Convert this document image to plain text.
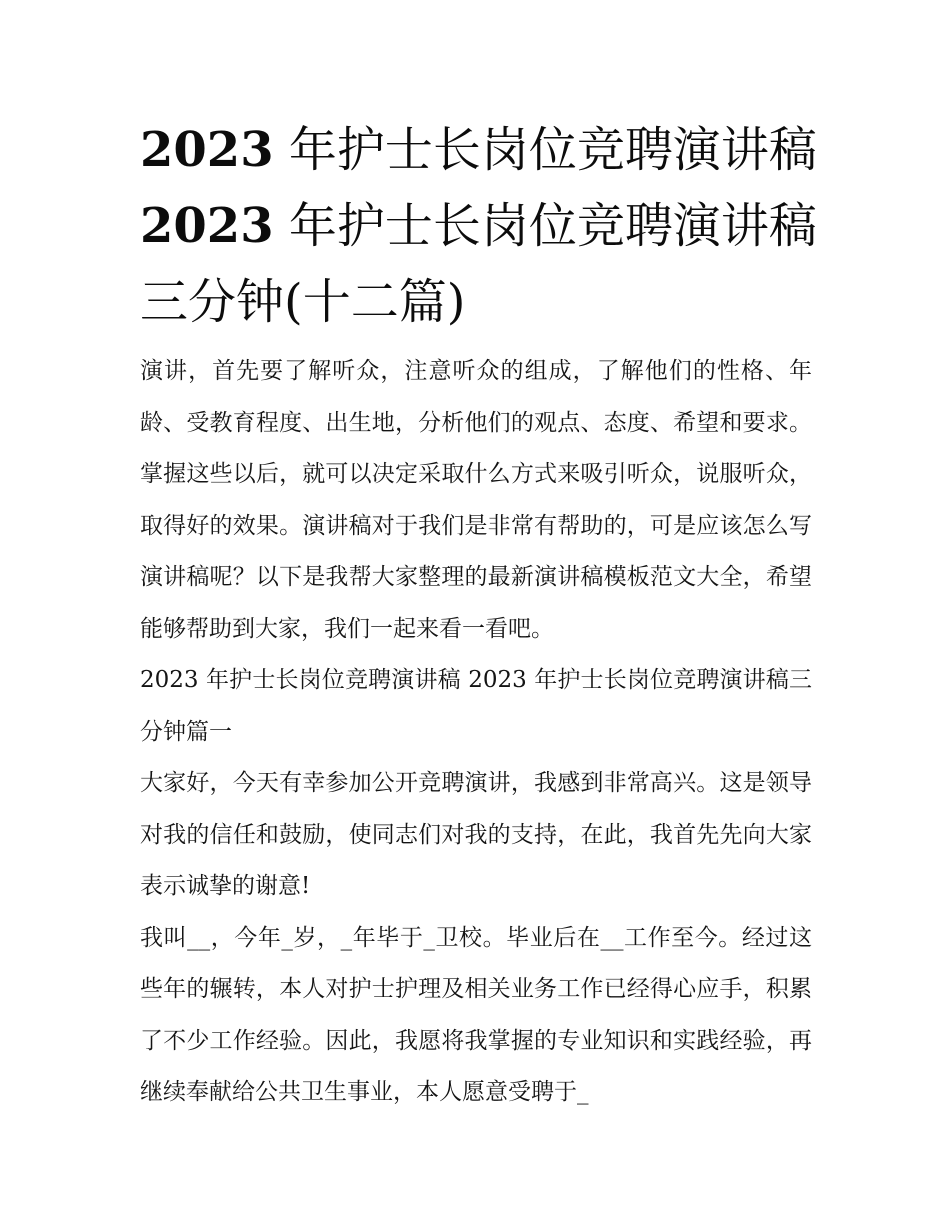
2023 年护士长岗位竞聘演讲稿
2023 年护士长岗位竞聘演讲稿
三分钟(十二篇)

演讲，首先要了解听众，注意听众的组成，了解他们的性格、年龄、受教育程度、出生地，分析他们的观点、态度、希望和要求。掌握这些以后，就可以决定采取什么方式来吸引听众，说服听众，取得好的效果。演讲稿对于我们是非常有帮助的，可是应该怎么写演讲稿呢？以下是我帮大家整理的最新演讲稿模板范文大全，希望能够帮助到大家，我们一起来看一看吧。

2023 年护士长岗位竞聘演讲稿 2023 年护士长岗位竞聘演讲稿三分钟篇一

大家好，今天有幸参加公开竞聘演讲，我感到非常高兴。这是领导对我的信任和鼓励，使同志们对我的支持，在此，我首先先向大家表示诚挚的谢意!

我叫__，今年_岁，_年毕于_卫校。毕业后在__工作至今。经过这些年的辗转，本人对护士护理及相关业务工作已经得心应手，积累了不少工作经验。因此，我愿将我掌握的专业知识和实践经验，再继续奉献给公共卫生事业，本人愿意受聘于_
